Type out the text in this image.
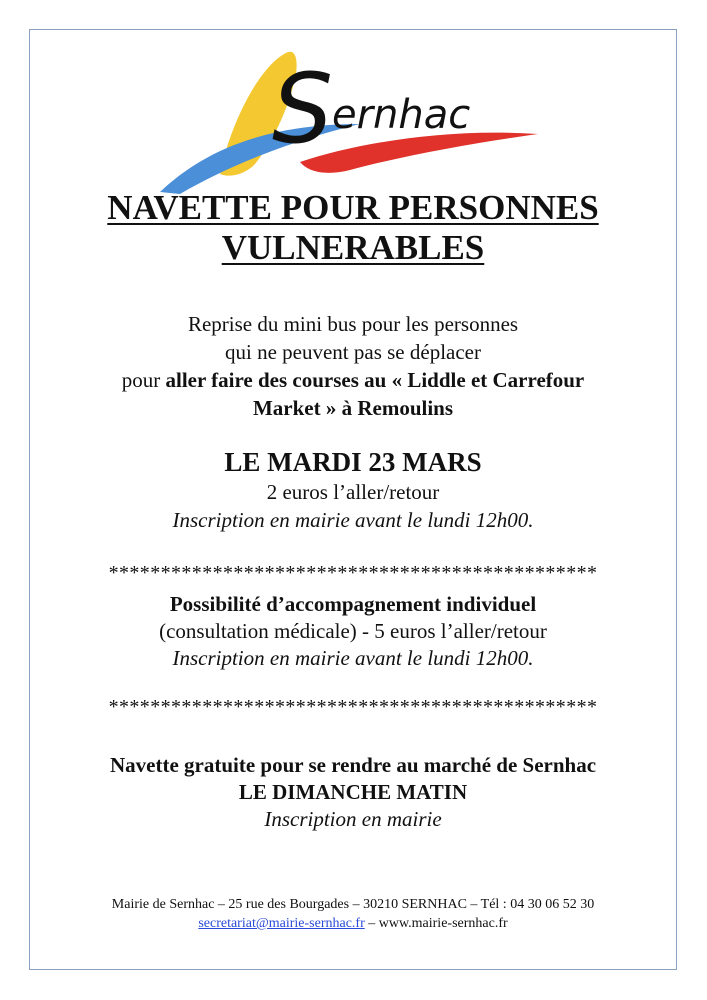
S ernhac
NAVETTE POUR PERSONNES
VULNERABLES
Reprise du mini bus pour les personnes
qui ne peuvent pas se déplacer
pour aller faire des courses au « Liddle et Carrefour
Market » à Remoulins
LE MARDI 23 MARS
2 euros l’aller/retour
Inscription en mairie avant le lundi 12h00.
***********************************************
Possibilité d’accompagnement individuel
(consultation médicale) - 5 euros l’aller/retour
Inscription en mairie avant le lundi 12h00.
***********************************************
Navette gratuite pour se rendre au marché de Sernhac
LE DIMANCHE MATIN
Inscription en mairie
Mairie de Sernhac – 25 rue des Bourgades – 30210 SERNHAC – Tél : 04 30 06 52 30
secretariat@mairie-sernhac.fr – www.mairie-sernhac.fr
